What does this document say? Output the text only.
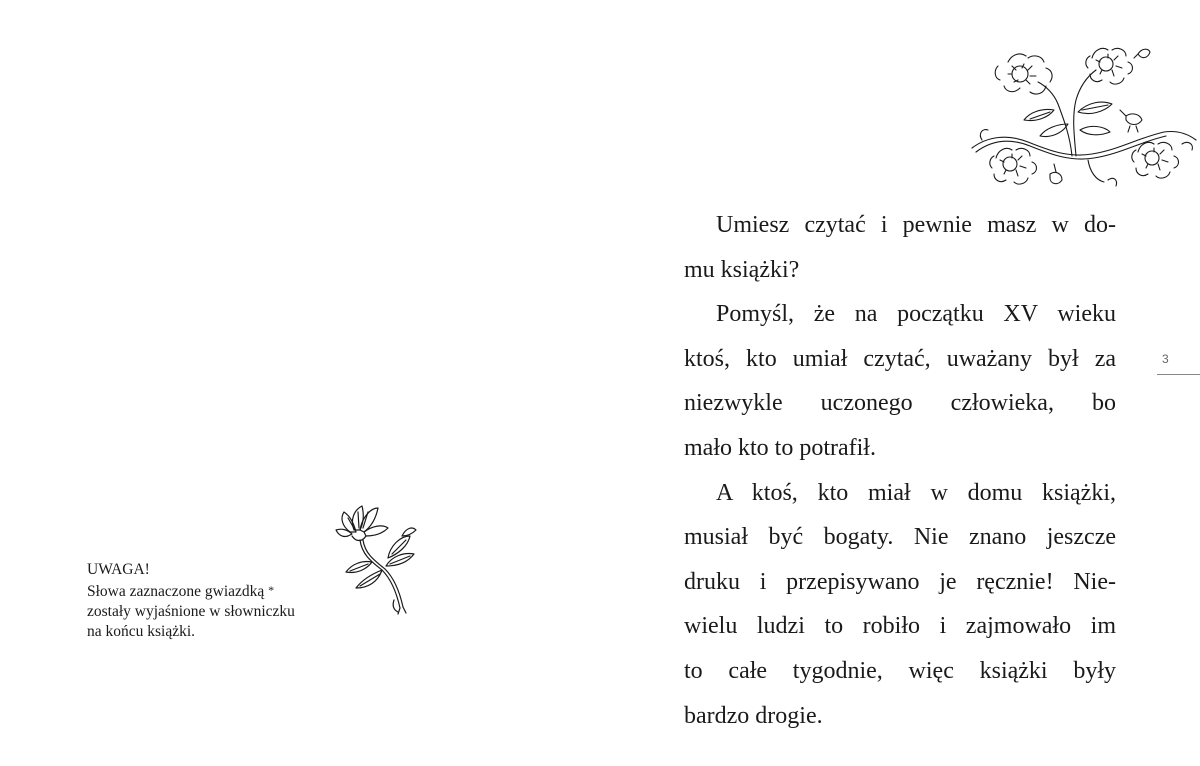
UWAGA!
Słowa zaznaczone gwiazdką *
zostały wyjaśnione w słowniczku
na końcu książki.
Umiesz czytać i pewnie masz w do-
mu książki?
Pomyśl, że na początku XV wieku
ktoś, kto umiał czytać, uważany był za
niezwykle uczonego człowieka, bo
mało kto to potrafił.
A ktoś, kto miał w domu książki,
musiał być bogaty. Nie znano jeszcze
druku i przepisywano je ręcznie! Nie-
wielu ludzi to robiło i zajmowało im
to całe tygodnie, więc książki były
bardzo drogie.
3
